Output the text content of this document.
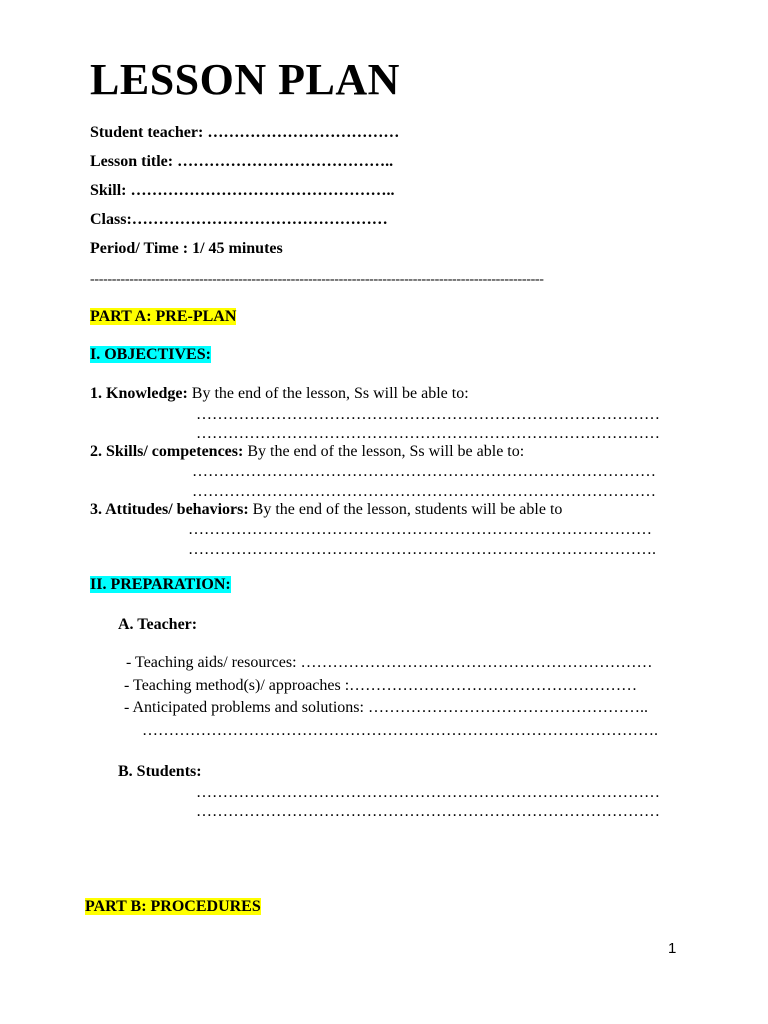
LESSON PLAN
Student teacher: ………………………………
Lesson title: …………………………………..
Skill: …………………………………………..
Class:…………………………………………
Period/ Time : 1/ 45 minutes
--------------------------------------------------------------------------------------------------------
PART A: PRE-PLAN
I. OBJECTIVES:
1. Knowledge: By the end of the lesson, Ss will be able to:
……………………………………………………………………………
……………………………………………………………………………
2. Skills/ competences: By the end of the lesson, Ss will be able to:
……………………………………………………………………………
……………………………………………………………………………
3. Attitudes/ behaviors: By the end of the lesson, students will be able to
……………………………………………………………………………
…………………………………………………………………………….
II. PREPARATION:
A. Teacher:
- Teaching aids/ resources: …………………………………………………………
- Teaching method(s)/ approaches :………………………………………………
- Anticipated problems and solutions: ……………………………………………..
…………………………………………………………………………………….
B. Students:
……………………………………………………………………………
……………………………………………………………………………
PART B: PROCEDURES
1
